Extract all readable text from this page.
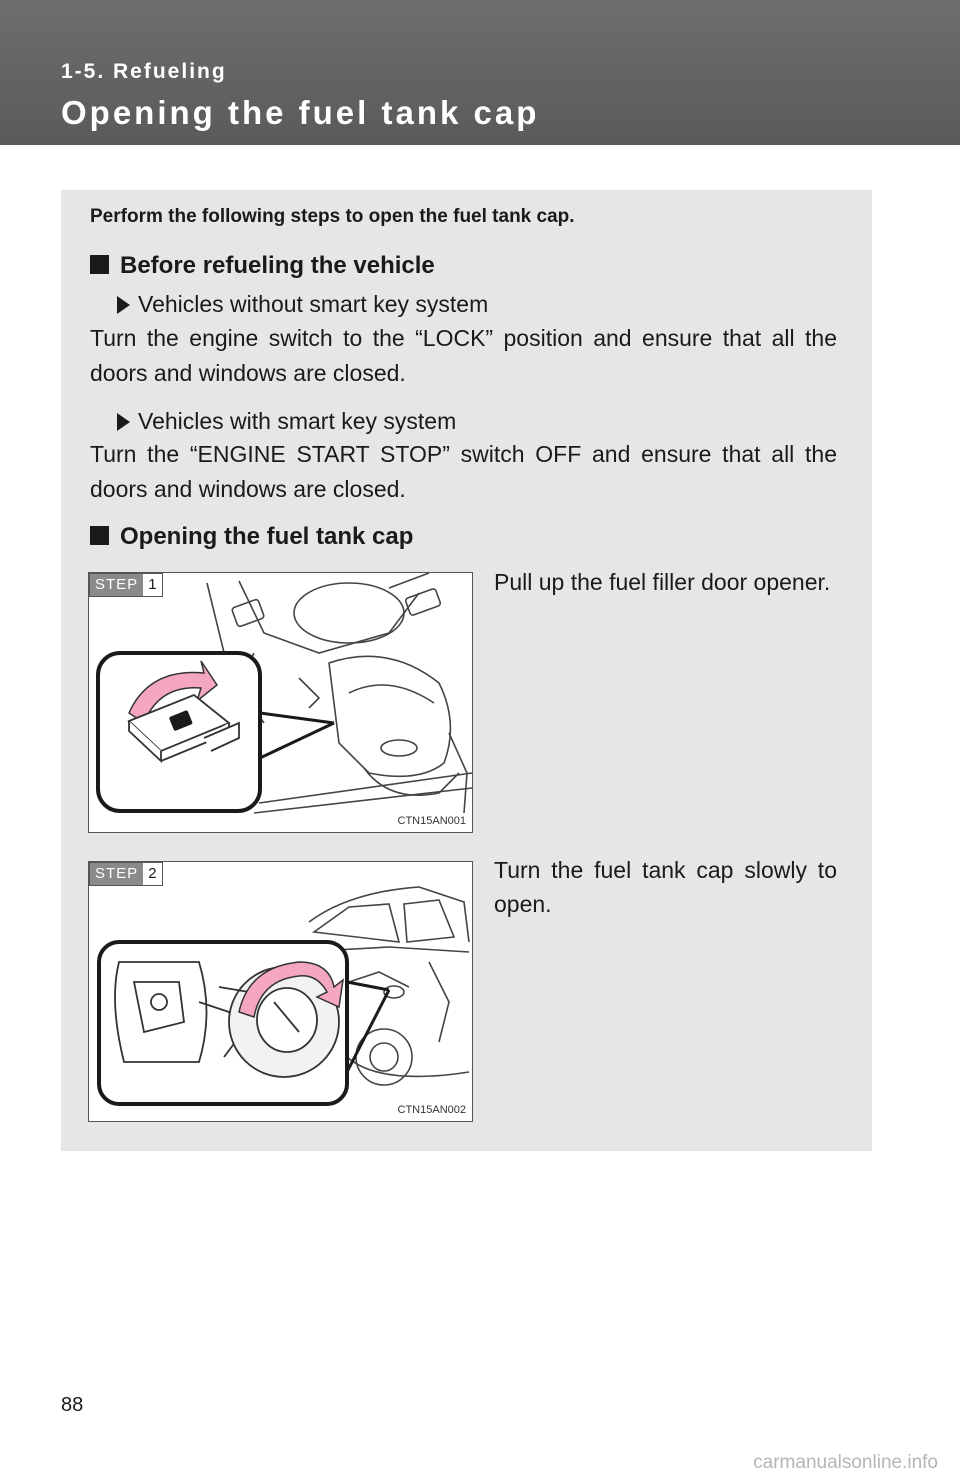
1-5. Refueling
Opening the fuel tank cap
Perform the following steps to open the fuel tank cap.
Before refueling the vehicle
Vehicles without smart key system
Turn the engine switch to the “LOCK” position and ensure that all the doors and windows are closed.
Vehicles with smart key system
Turn the “ENGINE START STOP” switch OFF and ensure that all the doors and windows are closed.
Opening the fuel tank cap
STEP 1
CTN15AN001
Pull up the fuel filler door opener.
STEP 2
CTN15AN002
Turn the fuel tank cap slowly to open.
88
carmanualsonline.info
